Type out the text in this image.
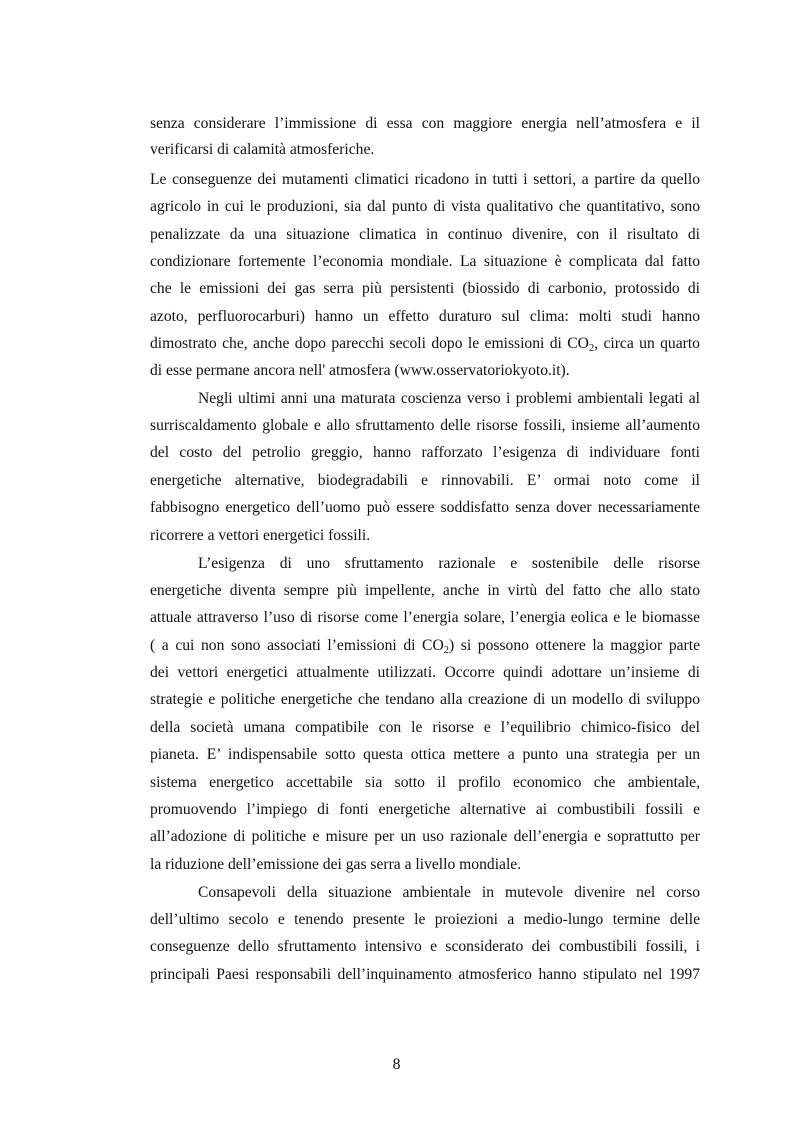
senza considerare l’immissione di essa con maggiore energia nell’atmosfera e il
verificarsi di calamità atmosferiche.
Le conseguenze dei mutamenti climatici ricadono in tutti i settori, a partire da quello
agricolo in cui le produzioni, sia dal punto di vista qualitativo che quantitativo, sono
penalizzate da una situazione climatica in continuo divenire, con il risultato di
condizionare fortemente l’economia mondiale. La situazione è complicata dal fatto
che le emissioni dei gas serra più persistenti (biossido di carbonio, protossido di
azoto, perfluorocarburi) hanno un effetto duraturo sul clima: molti studi hanno
dimostrato che, anche dopo parecchi secoli dopo le emissioni di $CO_2$, circa un quarto
di esse permane ancora nell' atmosfera (www.osservatoriokyoto.it).
Negli ultimi anni una maturata coscienza verso i problemi ambientali legati al
surriscaldamento globale e allo sfruttamento delle risorse fossili, insieme all’aumento
del costo del petrolio greggio, hanno rafforzato l’esigenza di individuare fonti
energetiche alternative, biodegradabili e rinnovabili. E’ ormai noto come il
fabbisogno energetico dell’uomo può essere soddisfatto senza dover necessariamente
ricorrere a vettori energetici fossili.
L’esigenza di uno sfruttamento razionale e sostenibile delle risorse
energetiche diventa sempre più impellente, anche in virtù del fatto che allo stato
attuale attraverso l’uso di risorse come l’energia solare, l’energia eolica e le biomasse
( a cui non sono associati l’emissioni di $CO_2$) si possono ottenere la maggior parte
dei vettori energetici attualmente utilizzati. Occorre quindi adottare un’insieme di
strategie e politiche energetiche che tendano alla creazione di un modello di sviluppo
della società umana compatibile con le risorse e l’equilibrio chimico-fisico del
pianeta. E’ indispensabile sotto questa ottica mettere a punto una strategia per un
sistema energetico accettabile sia sotto il profilo economico che ambientale,
promuovendo l’impiego di fonti energetiche alternative ai combustibili fossili e
all’adozione di politiche e misure per un uso razionale dell’energia e soprattutto per
la riduzione dell’emissione dei gas serra a livello mondiale.
Consapevoli della situazione ambientale in mutevole divenire nel corso
dell’ultimo secolo e tenendo presente le proiezioni a medio-lungo termine delle
conseguenze dello sfruttamento intensivo e sconsiderato dei combustibili fossili, i
principali Paesi responsabili dell’inquinamento atmosferico hanno stipulato nel 1997
8
